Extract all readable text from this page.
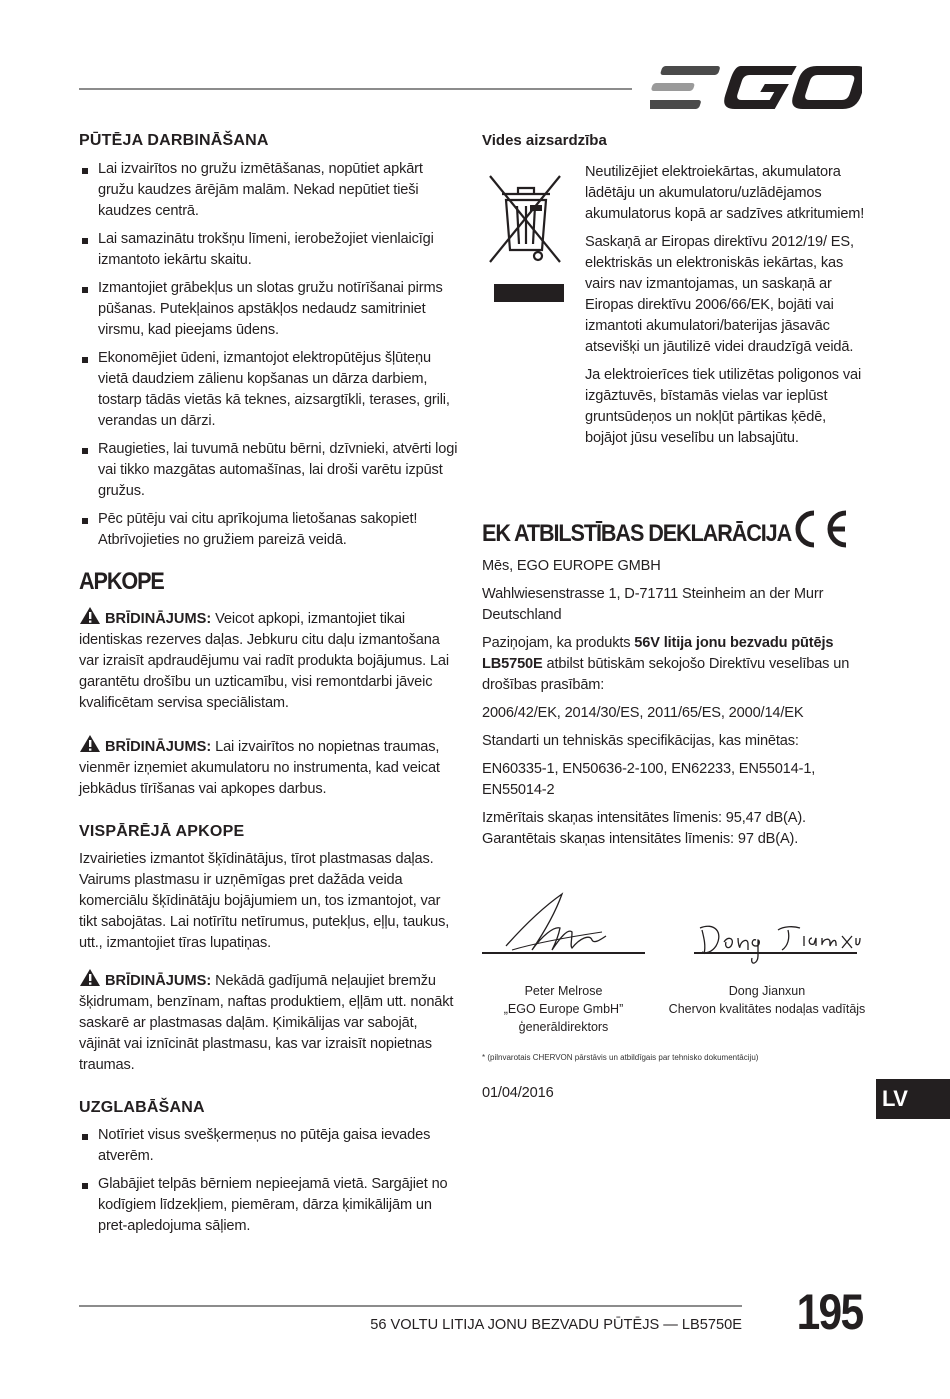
PŪTĒJA DARBINĀŠANA
Lai izvairītos no gružu izmētāšanas, nopūtiet apkārt gružu kaudzes ārējām malām. Nekad nepūtiet tieši kaudzes centrā.
Lai samazinātu trokšņu līmeni, ierobežojiet vienlaicīgi izmantoto iekārtu skaitu.
Izmantojiet grābekļus un slotas gružu notīrīšanai pirms pūšanas. Putekļainos apstākļos nedaudz samitriniet virsmu, kad pieejams ūdens.
Ekonomējiet ūdeni, izmantojot elektropūtējus šļūteņu vietā daudziem zālienu kopšanas un dārza darbiem, tostarp tādās vietās kā teknes, aizsargtīkli, terases, grili, verandas un dārzi.
Raugieties, lai tuvumā nebūtu bērni, dzīvnieki, atvērti logi vai tikko mazgātas automašīnas, lai droši varētu izpūst gružus.
Pēc pūtēju vai citu aprīkojuma lietošanas sakopiet! Atbrīvojieties no gružiem pareizā veidā.
APKOPE
BRĪDINĀJUMS: Veicot apkopi, izmantojiet tikai identiskas rezerves daļas. Jebkuru citu daļu izmantošana var izraisīt apdraudējumu vai radīt produkta bojājumus. Lai garantētu drošību un uzticamību, visi remontdarbi jāveic kvalificētam servisa speciālistam.
BRĪDINĀJUMS: Lai izvairītos no nopietnas traumas, vienmēr izņemiet akumulatoru no instrumenta, kad veicat jebkādus tīrīšanas vai apkopes darbus.
VISPĀRĒJĀ APKOPE
Izvairieties izmantot šķīdinātājus, tīrot plastmasas daļas. Vairums plastmasu ir uzņēmīgas pret dažāda veida komerciālu šķīdinātāju bojājumiem un, tos izmantojot, var tikt sabojātas. Lai notīrītu netīrumus, putekļus, eļļu, taukus, utt., izmantojiet tīras lupatiņas.
BRĪDINĀJUMS: Nekādā gadījumā neļaujiet bremžu šķidrumam, benzīnam, naftas produktiem, eļļām utt. nonākt saskarē ar plastmasas daļām. Ķimikālijas var sabojāt, vājināt vai iznīcināt plastmasu, kas var izraisīt nopietnas traumas.
UZGLABĀŠANA
Notīriet visus svešķermeņus no pūtēja gaisa ievades atverēm.
Glabājiet telpās bērniem nepieejamā vietā. Sargājiet no kodīgiem līdzekļiem, piemēram, dārza ķimikālijām un pret-apledojuma sāļiem.
Vides aizsardzība
Neutilizējiet elektroiekārtas, akumulatora lādētāju un akumulatoru/uzlādējamos akumulatorus kopā ar sadzīves atkritumiem!
Saskaņā ar Eiropas direktīvu 2012/19/ ES, elektriskās un elektroniskās iekārtas, kas vairs nav izmantojamas, un saskaņā ar Eiropas direktīvu 2006/66/EK, bojāti vai izmantoti akumulatori/baterijas jāsavāc atsevišķi un jāutilizē videi draudzīgā veidā.
Ja elektroierīces tiek utilizētas poligonos vai izgāztuvēs, bīstamās vielas var ieplūst gruntsūdeņos un nokļūt pārtikas ķēdē, bojājot jūsu veselību un labsajūtu.
EK ATBILSTĪBAS DEKLARĀCIJA
Mēs, EGO EUROPE GMBH
Wahlwiesenstrasse 1, D-71711 Steinheim an der Murr Deutschland
Paziņojam, ka produkts 56V litija jonu bezvadu pūtējs LB5750E atbilst būtiskām sekojošo Direktīvu veselības un drošības prasībām:
2006/42/EK, 2014/30/ES, 2011/65/ES, 2000/14/EK
Standarti un tehniskās specifikācijas, kas minētas:
EN60335-1, EN50636-2-100, EN62233, EN55014-1, EN55014-2
Izmērītais skaņas intensitātes līmenis: 95,47 dB(A).
Garantētais skaņas intensitātes līmenis: 97 dB(A).
Peter Melrose
„EGO Europe GmbH”
ģenerāldirektors
Dong Jianxun
Chervon kvalitātes nodaļas vadītājs
* (pilnvarotais CHERVON pārstāvis un atbildīgais par tehnisko dokumentāciju)
01/04/2016	LV
56 VOLTU LITIJA JONU BEZVADU PŪTĒJS — LB5750E 195
